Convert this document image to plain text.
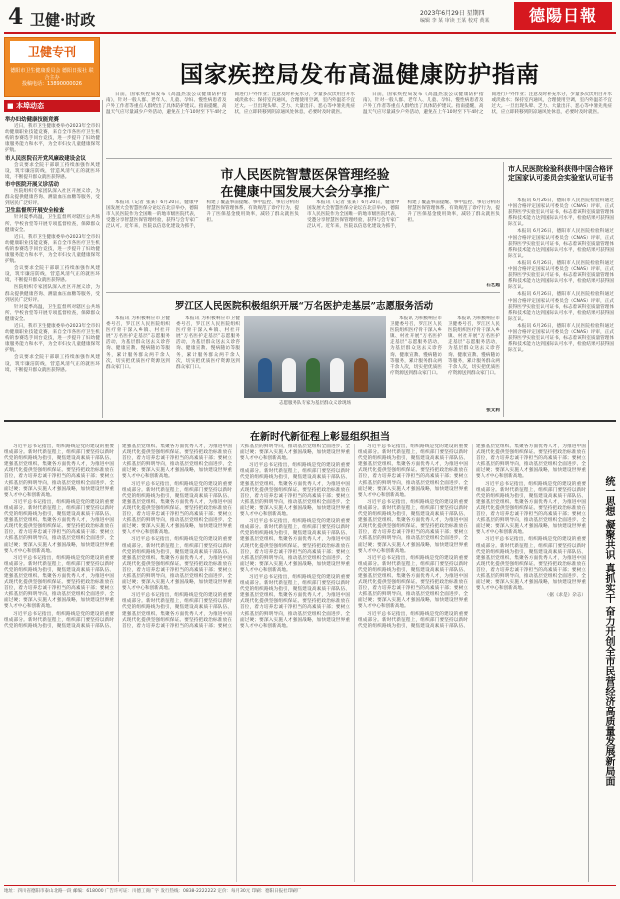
4 卫健·时政	2023年6月29日 星期四
编辑 李 某 审读 王某 校对 黄某	德陽日報
卫健专刊
德阳市卫生健康委员会 德阳日报社 联合主办
投稿电话：13890000026	国家疾控局发布高温健康防护指南
■ 本埠动态
举办妇幼健康技能竞赛

近日，我市卫生健康委举办2023年全市妇幼健康职业技能竞赛，来自全市各医疗卫生机构的参赛选手同台竞技，进一步提升了妇幼健康服务能力和水平，为全市妇女儿童健康保驾护航。

市人民医院召开党风廉政建设会议

会议要求全院干部职工持续加强作风建设，筑牢廉洁防线，营造风清气正的就医环境，不断提升群众就医获得感。

市中医院开展义诊活动

医院组织专家团队深入社区开展义诊，为群众提供健康咨询、测量血压血糖等服务，受到居民广泛好评。

卫生监督所开展安全检查

针对夏季高温，卫生监督所对辖区公共场所、学校食堂等开展专项监督检查，保障群众健康安全。

近日，我市卫生健康委举办2023年全市妇幼健康职业技能竞赛，来自全市各医疗卫生机构的参赛选手同台竞技，进一步提升了妇幼健康服务能力和水平，为全市妇女儿童健康保驾护航。

会议要求全院干部职工持续加强作风建设，筑牢廉洁防线，营造风清气正的就医环境，不断提升群众就医获得感。

医院组织专家团队深入社区开展义诊，为群众提供健康咨询、测量血压血糖等服务，受到居民广泛好评。

针对夏季高温，卫生监督所对辖区公共场所、学校食堂等开展专项监督检查，保障群众健康安全。

近日，我市卫生健康委举办2023年全市妇幼健康职业技能竞赛，来自全市各医疗卫生机构的参赛选手同台竞技，进一步提升了妇幼健康服务能力和水平，为全市妇女儿童健康保驾护航。

会议要求全院干部职工持续加强作风建设，筑牢廉洁防线，营造风清气正的就医环境，不断提升群众就医获得感。

日前，国家疾控局发布《高温热浪公众健康防护指南》，针对一般人群、老年人、儿童、孕妇、慢性病患者及户外工作者等重点人群给出了具体防护建议。指南提醒，高温天气应尽量减少户外活动，避免在上午10时至下午4时之间进行户外作业；注意及时补充水分，少量多次饮用白开水或淡盐水；保持室内通风，合理使用空调，室内外温差不宜过大。一旦出现头晕、乏力、大量出汗、恶心等中暑先兆症状，应立即转移到阴凉通风处休息，必要时及时就医。

日前，国家疾控局发布《高温热浪公众健康防护指南》，针对一般人群、老年人、儿童、孕妇、慢性病患者及户外工作者等重点人群给出了具体防护建议。指南提醒，高温天气应尽量减少户外活动，避免在上午10时至下午4时之间进行户外作业；注意及时补充水分，少量多次饮用白开水或淡盐水；保持室内通风，合理使用空调，室内外温差不宜过大。一旦出现头晕、乏力、大量出汗、恶心等中暑先兆症状，应立即转移到阴凉通风处休息，必要时及时就医。

市人民医院智慧医保管理经验
在健康中国发展大会分享推广

本报讯（记者 张某）6月20日，健康中国发展大会智慧医保分论坛在北京举办，德阳市人民医院作为全国唯一的地市级医院代表，受邀分享智慧医保管理经验，获得与会专家广泛认可。近年来，医院以信息化建设为抓手，构建了覆盖事前提醒、事中监控、事后分析的智慧医保管理体系，有效规范了诊疗行为，提升了医保基金使用效率，减轻了群众就医负担。

本报讯（记者 张某）6月20日，健康中国发展大会智慧医保分论坛在北京举办，德阳市人民医院作为全国唯一的地市级医院代表，受邀分享智慧医保管理经验，获得与会专家广泛认可。近年来，医院以信息化建设为抓手，构建了覆盖事前提醒、事中监控、事后分析的智慧医保管理体系，有效规范了诊疗行为，提升了医保基金使用效率，减轻了群众就医负担。

石艺超
市人民医院检验科获得中国合格评定国家认可委员会实验室认可证书

本报讯 6月26日，德阳市人民医院检验科通过中国合格评定国家认可委员会（CNAS）评审，正式获得医学实验室认可证书，标志着该科室质量管理体系和技术能力达到国际认可水平，检验结果可获得国际互认。

本报讯 6月26日，德阳市人民医院检验科通过中国合格评定国家认可委员会（CNAS）评审，正式获得医学实验室认可证书，标志着该科室质量管理体系和技术能力达到国际认可水平，检验结果可获得国际互认。

本报讯 6月26日，德阳市人民医院检验科通过中国合格评定国家认可委员会（CNAS）评审，正式获得医学实验室认可证书，标志着该科室质量管理体系和技术能力达到国际认可水平，检验结果可获得国际互认。

本报讯 6月26日，德阳市人民医院检验科通过中国合格评定国家认可委员会（CNAS）评审，正式获得医学实验室认可证书，标志着该科室质量管理体系和技术能力达到国际认可水平，检验结果可获得国际互认。

本报讯 6月26日，德阳市人民医院检验科通过中国合格评定国家认可委员会（CNAS）评审，正式获得医学实验室认可证书，标志着该科室质量管理体系和技术能力达到国际认可水平，检验结果可获得国际互认。

罗江区人民医院积极组织开展“万名医护走基层”志愿服务活动

本报讯 为积极响应市卫健委号召，罗江区人民医院组织医疗骨干深入乡镇、村社开展“万名医护走基层”志愿服务活动，为基层群众送去义诊咨询、健康宣教、慢病随访等服务，累计服务群众两千余人次，切实把优质医疗资源送到群众家门口。

本报讯 为积极响应市卫健委号召，罗江区人民医院组织医疗骨干深入乡镇、村社开展“万名医护走基层”志愿服务活动，为基层群众送去义诊咨询、健康宣教、慢病随访等服务，累计服务群众两千余人次，切实把优质医疗资源送到群众家门口。

志愿服务队专家为基层群众义诊现场

本报讯 为积极响应市卫健委号召，罗江区人民医院组织医疗骨干深入乡镇、村社开展“万名医护走基层”志愿服务活动，为基层群众送去义诊咨询、健康宣教、慢病随访等服务，累计服务群众两千余人次，切实把优质医疗资源送到群众家门口。

本报讯 为积极响应市卫健委号召，罗江区人民医院组织医疗骨干深入乡镇、村社开展“万名医护走基层”志愿服务活动，为基层群众送去义诊咨询、健康宣教、慢病随访等服务，累计服务群众两千余人次，切实把优质医疗资源送到群众家门口。

张文莉
在新时代新征程上彰显组织担当

习近平总书记指出，组织路线是党的建设的重要组成部分。新时代新征程上，组织部门要坚持以新时代党的组织路线为指引，聚焦建设高素质干部队伍、建强基层党组织、集聚各方面优秀人才，为推进中国式现代化提供坚强组织保证。要坚持把政治标准放在首位，着力培养忠诚干净担当的高素质干部；要树立大抓基层的鲜明导向，推动基层党组织全面进步、全面过硬；要深入实施人才强国战略，加快建设世界重要人才中心和创新高地。

习近平总书记指出，组织路线是党的建设的重要组成部分。新时代新征程上，组织部门要坚持以新时代党的组织路线为指引，聚焦建设高素质干部队伍、建强基层党组织、集聚各方面优秀人才，为推进中国式现代化提供坚强组织保证。要坚持把政治标准放在首位，着力培养忠诚干净担当的高素质干部；要树立大抓基层的鲜明导向，推动基层党组织全面进步、全面过硬；要深入实施人才强国战略，加快建设世界重要人才中心和创新高地。

习近平总书记指出，组织路线是党的建设的重要组成部分。新时代新征程上，组织部门要坚持以新时代党的组织路线为指引，聚焦建设高素质干部队伍、建强基层党组织、集聚各方面优秀人才，为推进中国式现代化提供坚强组织保证。要坚持把政治标准放在首位，着力培养忠诚干净担当的高素质干部；要树立大抓基层的鲜明导向，推动基层党组织全面进步、全面过硬；要深入实施人才强国战略，加快建设世界重要人才中心和创新高地。

习近平总书记指出，组织路线是党的建设的重要组成部分。新时代新征程上，组织部门要坚持以新时代党的组织路线为指引，聚焦建设高素质干部队伍、建强基层党组织、集聚各方面优秀人才，为推进中国式现代化提供坚强组织保证。要坚持把政治标准放在首位，着力培养忠诚干净担当的高素质干部；要树立大抓基层的鲜明导向，推动基层党组织全面进步、全面过硬；要深入实施人才强国战略，加快建设世界重要人才中心和创新高地。

习近平总书记指出，组织路线是党的建设的重要组成部分。新时代新征程上，组织部门要坚持以新时代党的组织路线为指引，聚焦建设高素质干部队伍、建强基层党组织、集聚各方面优秀人才，为推进中国式现代化提供坚强组织保证。要坚持把政治标准放在首位，着力培养忠诚干净担当的高素质干部；要树立大抓基层的鲜明导向，推动基层党组织全面进步、全面过硬；要深入实施人才强国战略，加快建设世界重要人才中心和创新高地。

习近平总书记指出，组织路线是党的建设的重要组成部分。新时代新征程上，组织部门要坚持以新时代党的组织路线为指引，聚焦建设高素质干部队伍、建强基层党组织、集聚各方面优秀人才，为推进中国式现代化提供坚强组织保证。要坚持把政治标准放在首位，着力培养忠诚干净担当的高素质干部；要树立大抓基层的鲜明导向，推动基层党组织全面进步、全面过硬；要深入实施人才强国战略，加快建设世界重要人才中心和创新高地。

习近平总书记指出，组织路线是党的建设的重要组成部分。新时代新征程上，组织部门要坚持以新时代党的组织路线为指引，聚焦建设高素质干部队伍、建强基层党组织、集聚各方面优秀人才，为推进中国式现代化提供坚强组织保证。要坚持把政治标准放在首位，着力培养忠诚干净担当的高素质干部；要树立大抓基层的鲜明导向，推动基层党组织全面进步、全面过硬；要深入实施人才强国战略，加快建设世界重要人才中心和创新高地。

习近平总书记指出，组织路线是党的建设的重要组成部分。新时代新征程上，组织部门要坚持以新时代党的组织路线为指引，聚焦建设高素质干部队伍、建强基层党组织、集聚各方面优秀人才，为推进中国式现代化提供坚强组织保证。要坚持把政治标准放在首位，着力培养忠诚干净担当的高素质干部；要树立大抓基层的鲜明导向，推动基层党组织全面进步、全面过硬；要深入实施人才强国战略，加快建设世界重要人才中心和创新高地。

习近平总书记指出，组织路线是党的建设的重要组成部分。新时代新征程上，组织部门要坚持以新时代党的组织路线为指引，聚焦建设高素质干部队伍、建强基层党组织、集聚各方面优秀人才，为推进中国式现代化提供坚强组织保证。要坚持把政治标准放在首位，着力培养忠诚干净担当的高素质干部；要树立大抓基层的鲜明导向，推动基层党组织全面进步、全面过硬；要深入实施人才强国战略，加快建设世界重要人才中心和创新高地。

习近平总书记指出，组织路线是党的建设的重要组成部分。新时代新征程上，组织部门要坚持以新时代党的组织路线为指引，聚焦建设高素质干部队伍、建强基层党组织、集聚各方面优秀人才，为推进中国式现代化提供坚强组织保证。要坚持把政治标准放在首位，着力培养忠诚干净担当的高素质干部；要树立大抓基层的鲜明导向，推动基层党组织全面进步、全面过硬；要深入实施人才强国战略，加快建设世界重要人才中心和创新高地。

习近平总书记指出，组织路线是党的建设的重要组成部分。新时代新征程上，组织部门要坚持以新时代党的组织路线为指引，聚焦建设高素质干部队伍、建强基层党组织、集聚各方面优秀人才，为推进中国式现代化提供坚强组织保证。要坚持把政治标准放在首位，着力培养忠诚干净担当的高素质干部；要树立大抓基层的鲜明导向，推动基层党组织全面进步、全面过硬；要深入实施人才强国战略，加快建设世界重要人才中心和创新高地。

习近平总书记指出，组织路线是党的建设的重要组成部分。新时代新征程上，组织部门要坚持以新时代党的组织路线为指引，聚焦建设高素质干部队伍、建强基层党组织、集聚各方面优秀人才，为推进中国式现代化提供坚强组织保证。要坚持把政治标准放在首位，着力培养忠诚干净担当的高素质干部；要树立大抓基层的鲜明导向，推动基层党组织全面进步、全面过硬；要深入实施人才强国战略，加快建设世界重要人才中心和创新高地。

习近平总书记指出，组织路线是党的建设的重要组成部分。新时代新征程上，组织部门要坚持以新时代党的组织路线为指引，聚焦建设高素质干部队伍、建强基层党组织、集聚各方面优秀人才，为推进中国式现代化提供坚强组织保证。要坚持把政治标准放在首位，着力培养忠诚干净担当的高素质干部；要树立大抓基层的鲜明导向，推动基层党组织全面进步、全面过硬；要深入实施人才强国战略，加快建设世界重要人才中心和创新高地。

习近平总书记指出，组织路线是党的建设的重要组成部分。新时代新征程上，组织部门要坚持以新时代党的组织路线为指引，聚焦建设高素质干部队伍、建强基层党组织、集聚各方面优秀人才，为推进中国式现代化提供坚强组织保证。要坚持把政治标准放在首位，着力培养忠诚干净担当的高素质干部；要树立大抓基层的鲜明导向，推动基层党组织全面进步、全面过硬；要深入实施人才强国战略，加快建设世界重要人才中心和创新高地。

习近平总书记指出，组织路线是党的建设的重要组成部分。新时代新征程上，组织部门要坚持以新时代党的组织路线为指引，聚焦建设高素质干部队伍、建强基层党组织、集聚各方面优秀人才，为推进中国式现代化提供坚强组织保证。要坚持把政治标准放在首位，着力培养忠诚干净担当的高素质干部；要树立大抓基层的鲜明导向，推动基层党组织全面进步、全面过硬；要深入实施人才强国战略，加快建设世界重要人才中心和创新高地。

习近平总书记指出，组织路线是党的建设的重要组成部分。新时代新征程上，组织部门要坚持以新时代党的组织路线为指引，聚焦建设高素质干部队伍、建强基层党组织、集聚各方面优秀人才，为推进中国式现代化提供坚强组织保证。要坚持把政治标准放在首位，着力培养忠诚干净担当的高素质干部；要树立大抓基层的鲜明导向，推动基层党组织全面进步、全面过硬；要深入实施人才强国战略，加快建设世界重要人才中心和创新高地。

（据《求是》杂志）	统一思想 凝聚共识 真抓实干 奋力开创全市民营经济高质量发展新局面
地址：四川省德阳市泰山北路一段 邮编：618000 广告许可证：川德工商广字 发行热线：0838-2222222 定价：每月30元 印刷：德阳日报社印刷厂
